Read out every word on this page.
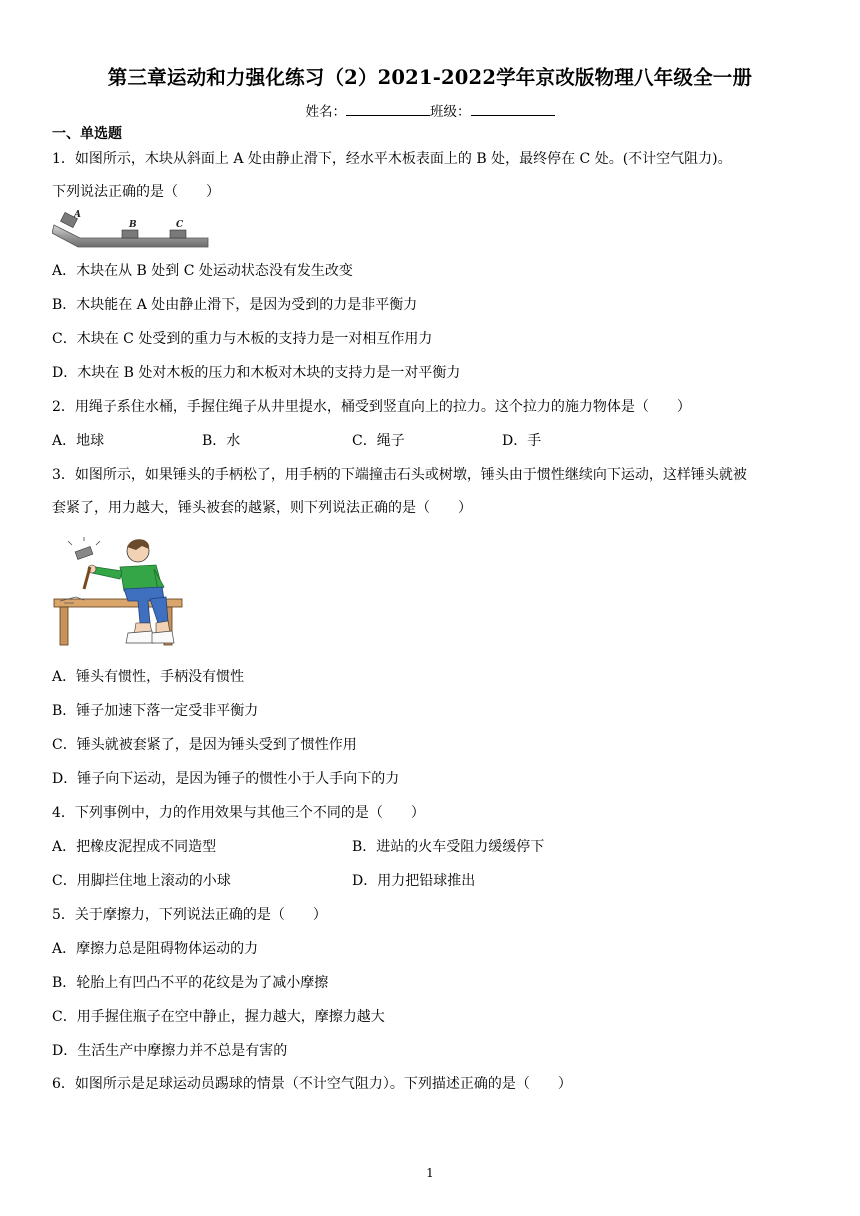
第三章运动和力强化练习（2）2021-2022学年京改版物理八年级全一册
姓名：	班级：
一、单选题
1．如图所示，木块从斜面上 A 处由静止滑下，经水平木板表面上的 B 处，最终停在 C 处。(不计空气阻力)。
下列说法正确的是（　　）
A
B	C
A．木块在从 B 处到 C 处运动状态没有发生改变
B．木块能在 A 处由静止滑下，是因为受到的力是非平衡力
C．木块在 C 处受到的重力与木板的支持力是一对相互作用力
D．木块在 B 处对木板的压力和木板对木块的支持力是一对平衡力
2．用绳子系住水桶，手握住绳子从井里提水，桶受到竖直向上的拉力。这个拉力的施力物体是（　　）
A．地球	B．水	C．绳子	D．手
3．如图所示，如果锤头的手柄松了，用手柄的下端撞击石头或树墩，锤头由于惯性继续向下运动，这样锤头就被
套紧了，用力越大，锤头被套的越紧，则下列说法正确的是（　　）
A．锤头有惯性，手柄没有惯性
B．锤子加速下落一定受非平衡力
C．锤头就被套紧了，是因为锤头受到了惯性作用
D．锤子向下运动，是因为锤子的惯性小于人手向下的力
4．下列事例中，力的作用效果与其他三个不同的是（　　）
A．把橡皮泥捏成不同造型	B．进站的火车受阻力缓缓停下
C．用脚拦住地上滚动的小球	D．用力把铅球推出
5．关于摩擦力，下列说法正确的是（　　）
A．摩擦力总是阻碍物体运动的力
B．轮胎上有凹凸不平的花纹是为了减小摩擦
C．用手握住瓶子在空中静止，握力越大，摩擦力越大
D．生活生产中摩擦力并不总是有害的
6．如图所示是足球运动员踢球的情景（不计空气阻力）。下列描述正确的是（　　）
1
